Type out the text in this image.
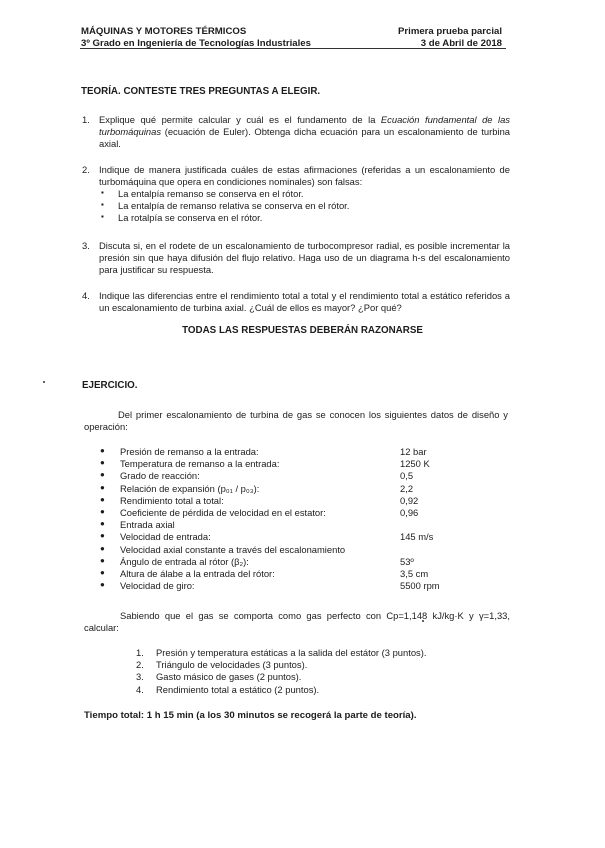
MÁQUINAS Y MOTORES TÉRMICOS
3º Grado en Ingeniería de Tecnologías Industriales
Primera prueba parcial
3 de Abril de 2018
TEORÍA. CONTESTE TRES PREGUNTAS A ELEGIR.
1. Explique qué permite calcular y cuál es el fundamento de la Ecuación fundamental de las turbomáquinas (ecuación de Euler). Obtenga dicha ecuación para un escalonamiento de turbina axial.
2. Indique de manera justificada cuáles de estas afirmaciones (referidas a un escalonamiento de turbomáquina que opera en condiciones nominales) son falsas:
▪ La entalpía remanso se conserva en el rótor.
▪ La entalpía de remanso relativa se conserva en el rótor.
▪ La rotalpía se conserva en el rótor.
3. Discuta si, en el rodete de un escalonamiento de turbocompresor radial, es posible incrementar la presión sin que haya difusión del flujo relativo. Haga uso de un diagrama h-s del escalonamiento para justificar su respuesta.
4. Indique las diferencias entre el rendimiento total a total y el rendimiento total a estático referidos a un escalonamiento de turbina axial. ¿Cuál de ellos es mayor? ¿Por qué?
TODAS LAS RESPUESTAS DEBERÁN RAZONARSE
EJERCICIO.
Del primer escalonamiento de turbina de gas se conocen los siguientes datos de diseño y operación:
● Presión de remanso a la entrada:	12 bar
● Temperatura de remanso a la entrada:	1250 K
● Grado de reacción:	0,5
● Relación de expansión (p₀₁ / p₀₃):	2,2
● Rendimiento total a total:	0,92
● Coeficiente de pérdida de velocidad en el estator:	0,96
● Entrada axial
● Velocidad de entrada:	145 m/s
● Velocidad axial constante a través del escalonamiento
● Ángulo de entrada al rótor (β₂):	53º
● Altura de álabe a la entrada del rótor:	3,5 cm
● Velocidad de giro:	5500 rpm
Sabiendo que el gas se comporta como gas perfecto con Cp=1,148 kJ/kg·K y γ=1,33, calcular:
1. Presión y temperatura estáticas a la salida del estátor (3 puntos).
2. Triángulo de velocidades (3 puntos).
3. Gasto másico de gases (2 puntos).
4. Rendimiento total a estático (2 puntos).
Tiempo total: 1 h 15 min (a los 30 minutos se recogerá la parte de teoría).
